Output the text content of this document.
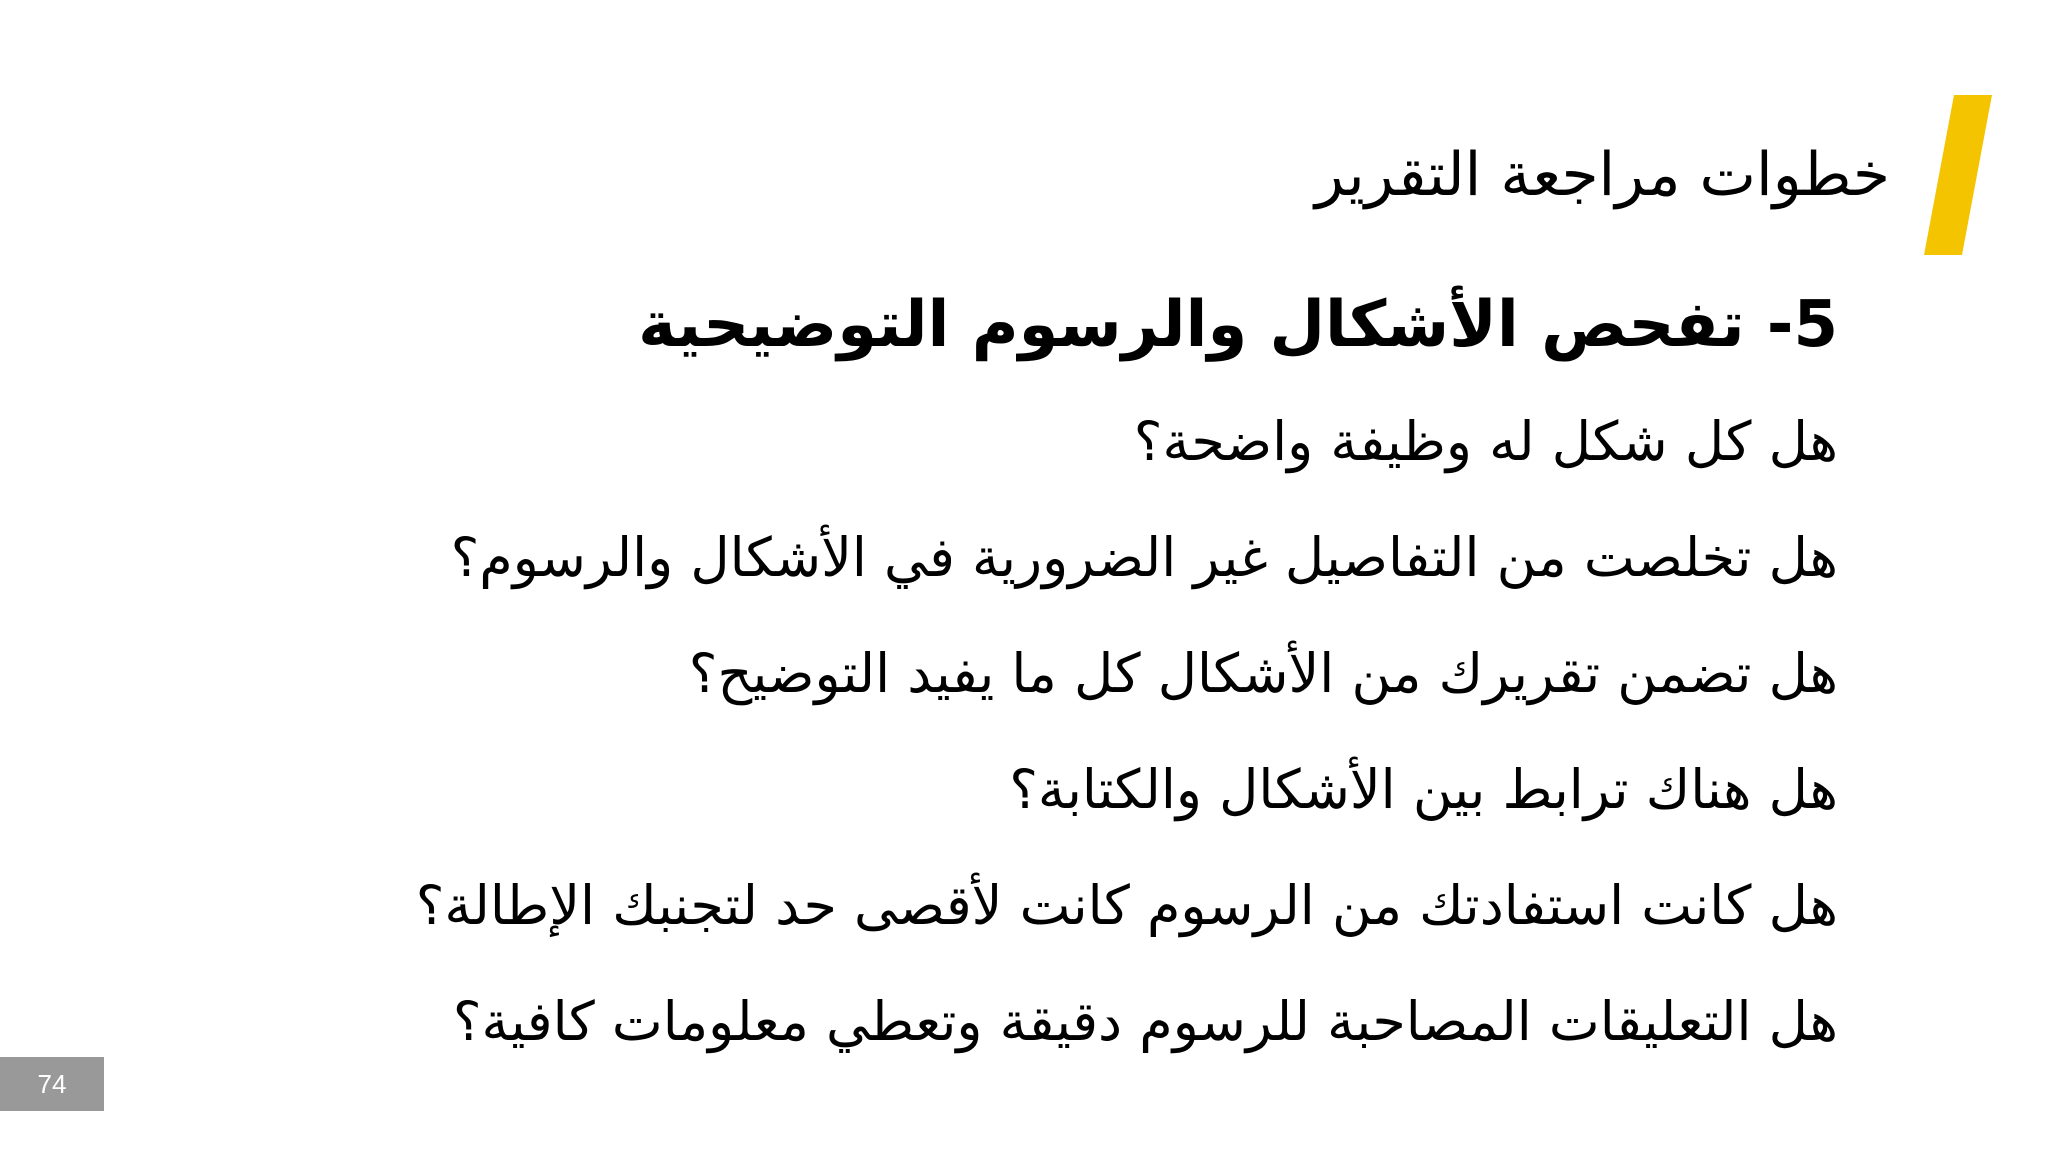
خطوات مراجعة التقرير
5- تفحص الأشكال والرسوم التوضيحية
هل كل شكل له وظيفة واضحة؟
هل تخلصت من التفاصيل غير الضرورية في الأشكال والرسوم؟
هل تضمن تقريرك من الأشكال كل ما يفيد التوضيح؟
هل هناك ترابط بين الأشكال والكتابة؟
هل كانت استفادتك من الرسوم كانت لأقصى حد لتجنبك الإطالة؟
هل التعليقات المصاحبة للرسوم دقيقة وتعطي معلومات كافية؟
74
